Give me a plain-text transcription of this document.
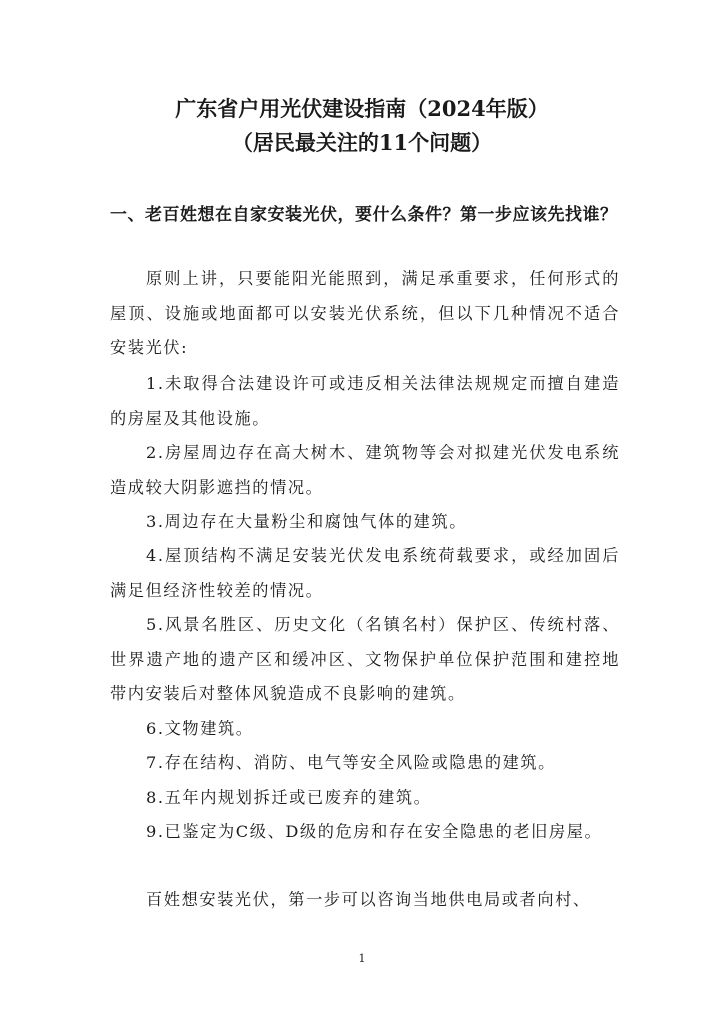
广东省户用光伏建设指南（2024年版）
（居民最关注的11个问题）
一、老百姓想在自家安装光伏，要什么条件？第一步应该先找谁？
原则上讲，只要能阳光能照到，满足承重要求，任何形式的屋顶、设施或地面都可以安装光伏系统，但以下几种情况不适合安装光伏:
1.未取得合法建设许可或违反相关法律法规规定而擅自建造的房屋及其他设施。
2.房屋周边存在高大树木、建筑物等会对拟建光伏发电系统造成较大阴影遮挡的情况。
3.周边存在大量粉尘和腐蚀气体的建筑。
4.屋顶结构不满足安装光伏发电系统荷载要求，或经加固后满足但经济性较差的情况。
5.风景名胜区、历史文化（名镇名村）保护区、传统村落、世界遗产地的遗产区和缓冲区、文物保护单位保护范围和建控地带内安装后对整体风貌造成不良影响的建筑。
6.文物建筑。
7.存在结构、消防、电气等安全风险或隐患的建筑。
8.五年内规划拆迁或已废弃的建筑。
9.已鉴定为C级、D级的危房和存在安全隐患的老旧房屋。
百姓想安装光伏，第一步可以咨询当地供电局或者向村、
1
